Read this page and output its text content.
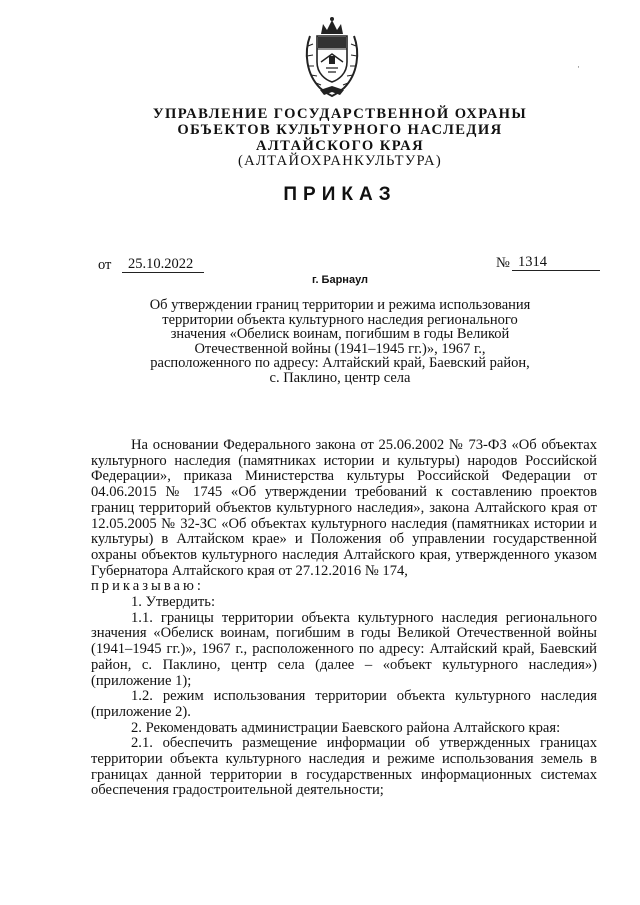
·
УПРАВЛЕНИЕ ГОСУДАРСТВЕННОЙ ОХРАНЫ
ОБЪЕКТОВ КУЛЬТУРНОГО НАСЛЕДИЯ
АЛТАЙСКОГО КРАЯ
(АЛТАЙОХРАНКУЛЬТУРА)
ПРИКАЗ
от	25.10.2022	№ 1314
г. Барнаул
Об утверждении границ территории и режима использования
территории объекта культурного наследия регионального
значения «Обелиск воинам, погибшим в годы Великой
Отечественной войны (1941–1945 гг.)», 1967 г.,
расположенного по адресу: Алтайский край, Баевский район,
с. Паклино, центр села

На основании Федерального закона от 25.06.2002 № 73-ФЗ «Об объектах культурного наследия (памятниках истории и культуры) народов Российской Федерации», приказа Министерства культуры Российской Федерации от 04.06.2015 № 1745 «Об утверждении требований к составлению проектов границ территорий объектов культурного наследия», закона Алтайского края от 12.05.2005 № 32-ЗС «Об объектах культурного наследия (памятниках истории и культуры) в Алтайском крае» и Положения об управлении государственной охраны объектов культурного наследия Алтайского края, утвержденного указом Губернатора Алтайского края от 27.12.2016 № 174,

приказываю:

1. Утвердить:

1.1. границы территории объекта культурного наследия регионального значения «Обелиск воинам, погибшим в годы Великой Отечественной войны (1941–1945 гг.)», 1967 г., расположенного по адресу: Алтайский край, Баевский район, с. Паклино, центр села (далее – «объект культурного наследия») (приложение 1);

1.2. режим использования территории объекта культурного наследия (приложение 2).

2. Рекомендовать администрации Баевского района Алтайского края:

2.1. обеспечить размещение информации об утвержденных границах территории объекта культурного наследия и режиме использования земель в границах данной территории в государственных информационных системах обеспечения градостроительной деятельности;
